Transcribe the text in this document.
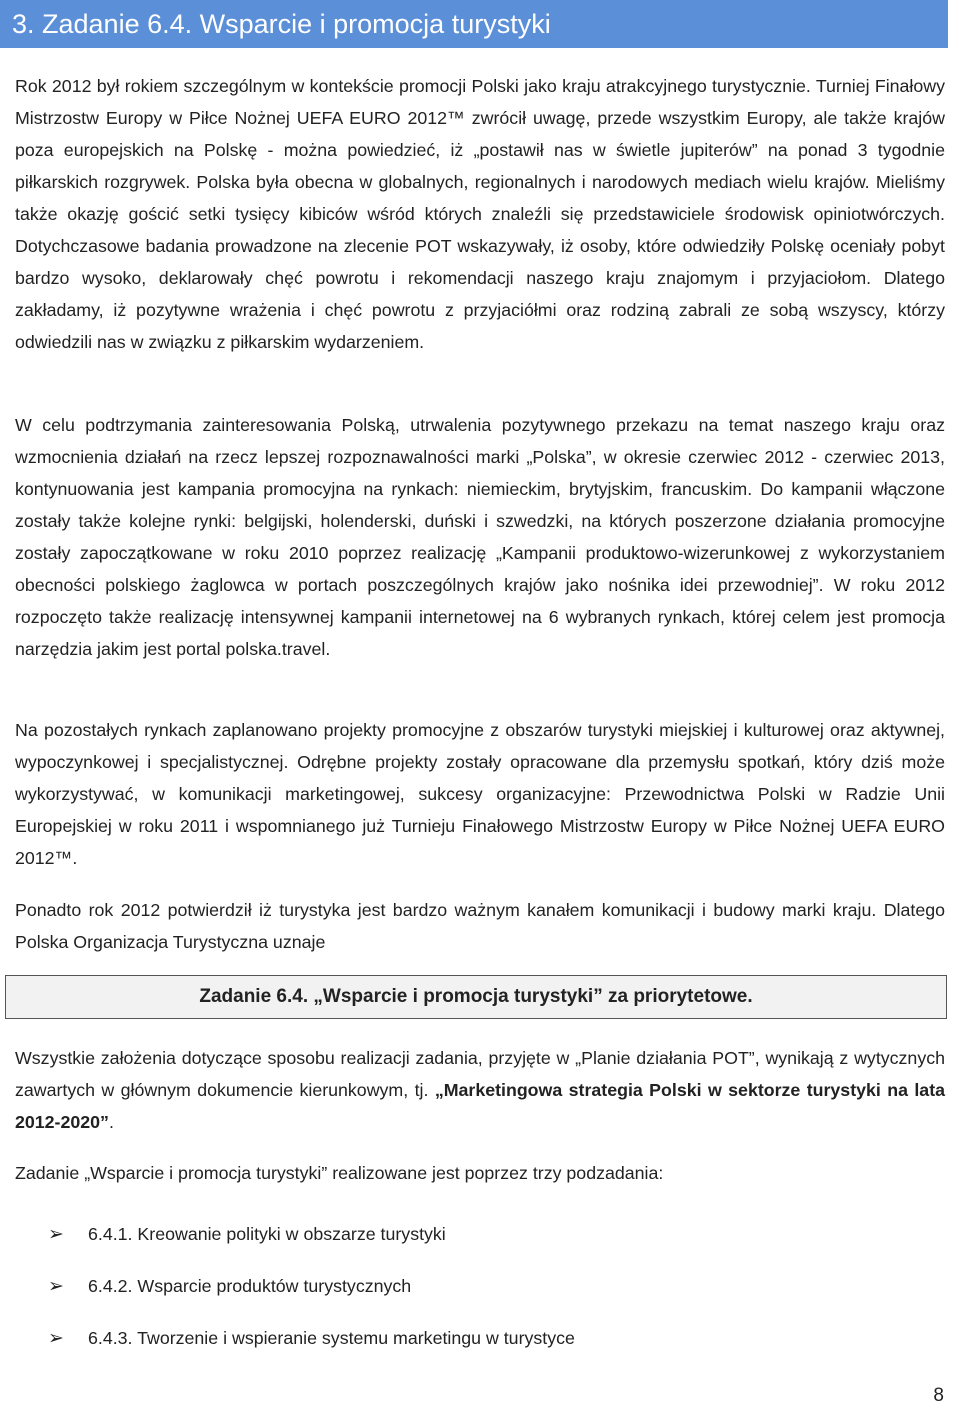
3. Zadanie 6.4. Wsparcie i promocja turystyki

Rok 2012 był rokiem szczególnym w kontekście promocji Polski jako kraju atrakcyjnego turystycznie. Turniej Finałowy Mistrzostw Europy w Piłce Nożnej UEFA EURO 2012™ zwrócił uwagę, przede wszystkim Europy, ale także krajów poza europejskich na Polskę - można powiedzieć, iż „postawił nas w świetle jupiterów” na ponad 3 tygodnie piłkarskich rozgrywek. Polska była obecna w globalnych, regionalnych i narodowych mediach wielu krajów. Mieliśmy także okazję gościć setki tysięcy kibiców wśród których znaleźli się przedstawiciele środowisk opiniotwórczych. Dotychczasowe badania prowadzone na zlecenie POT wskazywały, iż osoby, które odwiedziły Polskę oceniały pobyt bardzo wysoko, deklarowały chęć powrotu i rekomendacji naszego kraju znajomym i przyjaciołom. Dlatego zakładamy, iż pozytywne wrażenia i chęć powrotu z przyjaciółmi oraz rodziną zabrali ze sobą wszyscy, którzy odwiedzili nas w związku z piłkarskim wydarzeniem.

W celu podtrzymania zainteresowania Polską, utrwalenia pozytywnego przekazu na temat naszego kraju oraz wzmocnienia działań na rzecz lepszej rozpoznawalności marki „Polska”, w okresie czerwiec 2012 - czerwiec 2013, kontynuowania jest kampania promocyjna na rynkach: niemieckim, brytyjskim, francuskim. Do kampanii włączone zostały także kolejne rynki: belgijski, holenderski, duński i szwedzki, na których poszerzone działania promocyjne zostały zapoczątkowane w roku 2010 poprzez realizację „Kampanii produktowo-wizerunkowej z wykorzystaniem obecności polskiego żaglowca w portach poszczególnych krajów jako nośnika idei przewodniej”. W roku 2012 rozpoczęto także realizację intensywnej kampanii internetowej na 6 wybranych rynkach, której celem jest promocja narzędzia jakim jest portal polska.travel.

Na pozostałych rynkach zaplanowano projekty promocyjne z obszarów turystyki miejskiej i kulturowej oraz aktywnej, wypoczynkowej i specjalistycznej. Odrębne projekty zostały opracowane dla przemysłu spotkań, który dziś może wykorzystywać, w komunikacji marketingowej, sukcesy organizacyjne: Przewodnictwa Polski w Radzie Unii Europejskiej w roku 2011 i wspomnianego już Turnieju Finałowego Mistrzostw Europy w Piłce Nożnej UEFA EURO 2012™.

Ponadto rok 2012 potwierdził iż turystyka jest bardzo ważnym kanałem komunikacji i budowy marki kraju. Dlatego Polska Organizacja Turystyczna uznaje

Zadanie 6.4. „Wsparcie i promocja turystyki” za priorytetowe.

Wszystkie założenia dotyczące sposobu realizacji zadania, przyjęte w „Planie działania POT”, wynikają z wytycznych zawartych w głównym dokumencie kierunkowym, tj. „Marketingowa strategia Polski w sektorze turystyki na lata 2012-2020”.

Zadanie „Wsparcie i promocja turystyki” realizowane jest poprzez trzy podzadania:

➢	6.4.1. Kreowanie polityki w obszarze turystyki
➢	6.4.2. Wsparcie produktów turystycznych
➢	6.4.3. Tworzenie i wspieranie systemu marketingu w turystyce
8
